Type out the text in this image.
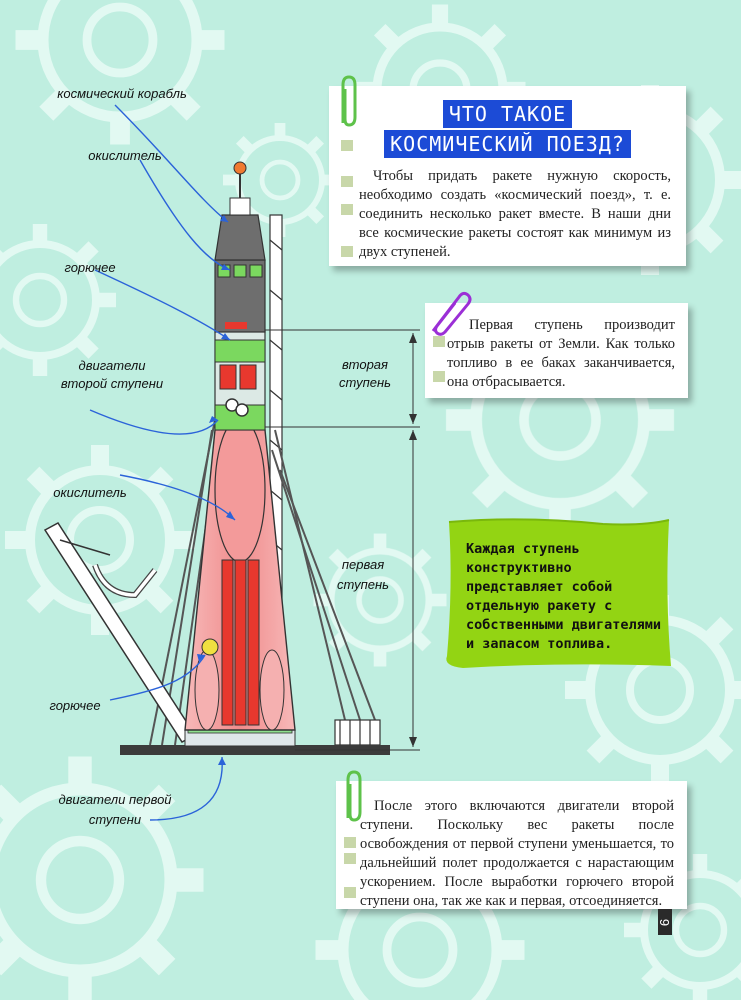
космический корабль
окислитель
горючее
двигатели
второй ступени
окислитель
горючее
двигатели первой
ступени
вторая
ступень
первая
ступень
ЧТО ТАКОЕ
КОСМИЧЕСКИЙ ПОЕЗД?

Чтобы придать ракете нужную скорость, необходимо создать «космический поезд», т. е. соединить несколько ракет вместе. В наши дни все космические ракеты состоят как минимум из двух ступеней.

Первая ступень производит отрыв ракеты от Земли. Как только топливо в ее баках заканчивается, она отбрасывается.

Каждая ступень конструктивно представляет собой отдельную ракету с собственными двигателями и запасом топлива.

После этого включаются двигатели второй ступени. Поскольку вес ракеты после освобождения от первой ступени уменьшается, то дальнейший полет продолжается с нарастающим ускорением. После выработки горючего второй ступени она, так же как и первая, отсоединяется.

9
